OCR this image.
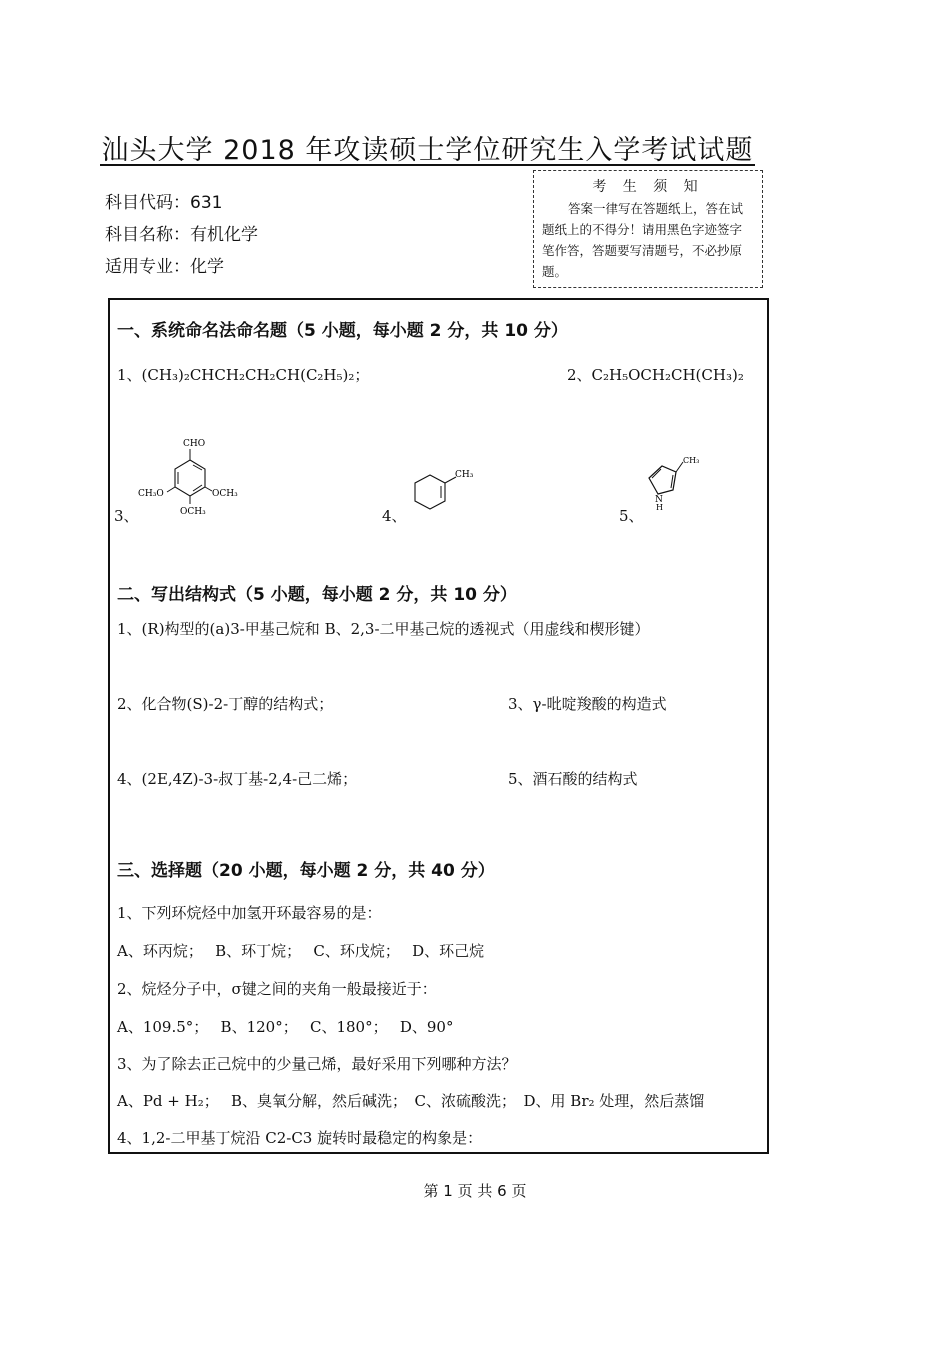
汕头大学 2018 年攻读硕士学位研究生入学考试试题
科目代码：631
科目名称：有机化学
适用专业：化学
考 生 须 知
答案一律写在答题纸上，答在试题纸上的不得分！请用黑色字迹签字笔作答，答题要写清题号，不必抄原题。
一、系统命名法命名题（5 小题，每小题 2 分，共 10 分）
1、(CH₃)₂CHCH₂CH₂CH(C₂H₅)₂；	2、C₂H₅OCH₂CH(CH₃)₂
3、
CHO
CH₃O	OCH₃
OCH₃	4、
CH₃
5、
CH₃
N
H
二、写出结构式（5 小题，每小题 2 分，共 10 分）
1、(R)构型的(a)3-甲基己烷和 B、2,3-二甲基己烷的透视式（用虚线和楔形键）
2、化合物(S)-2-丁醇的结构式；	3、γ-吡啶羧酸的构造式
4、(2E,4Z)-3-叔丁基-2,4-己二烯；	5、酒石酸的结构式
三、选择题（20 小题，每小题 2 分，共 40 分）
1、下列环烷烃中加氢开环最容易的是：
A、环丙烷；　 B、环丁烷；　 C、环戊烷；　 D、环己烷
2、烷烃分子中，σ键之间的夹角一般最接近于：
A、109.5°；　 B、120°；　 C、180°；　 D、90°
3、为了除去正己烷中的少量己烯，最好采用下列哪种方法？
A、Pd + H₂；　 B、臭氧分解，然后碱洗；　C、浓硫酸洗；　D、用 Br₂ 处理，然后蒸馏
4、1,2-二甲基丁烷沿 C2-C3 旋转时最稳定的构象是：
第 1 页 共 6 页
